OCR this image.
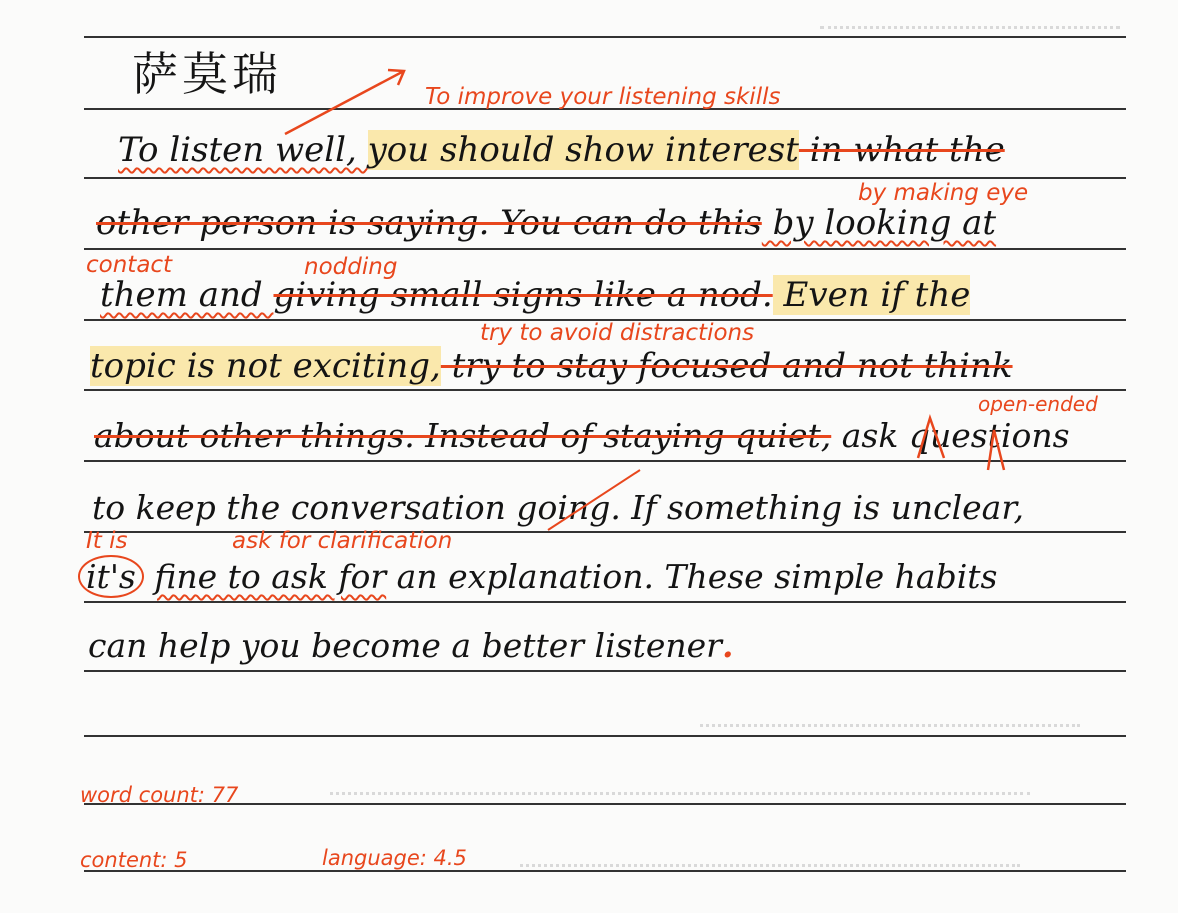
萨莫瑞
To listen well, you should show interest in what the
other person is saying. You can do this by looking at
them and giving small signs like a nod. Even if the
topic is not exciting, try to stay focused and not think
about other things. Instead of staying quiet, ask questions
to keep the conversation going. If something is unclear,
it's fine to ask for an explanation. These simple habits
can help you become a better listener.
To improve your listening skills
by making eye
contact	nodding
try to avoid distractions
open-ended
It is	ask for clarification
word count: 77
content: 5	language: 4.5
